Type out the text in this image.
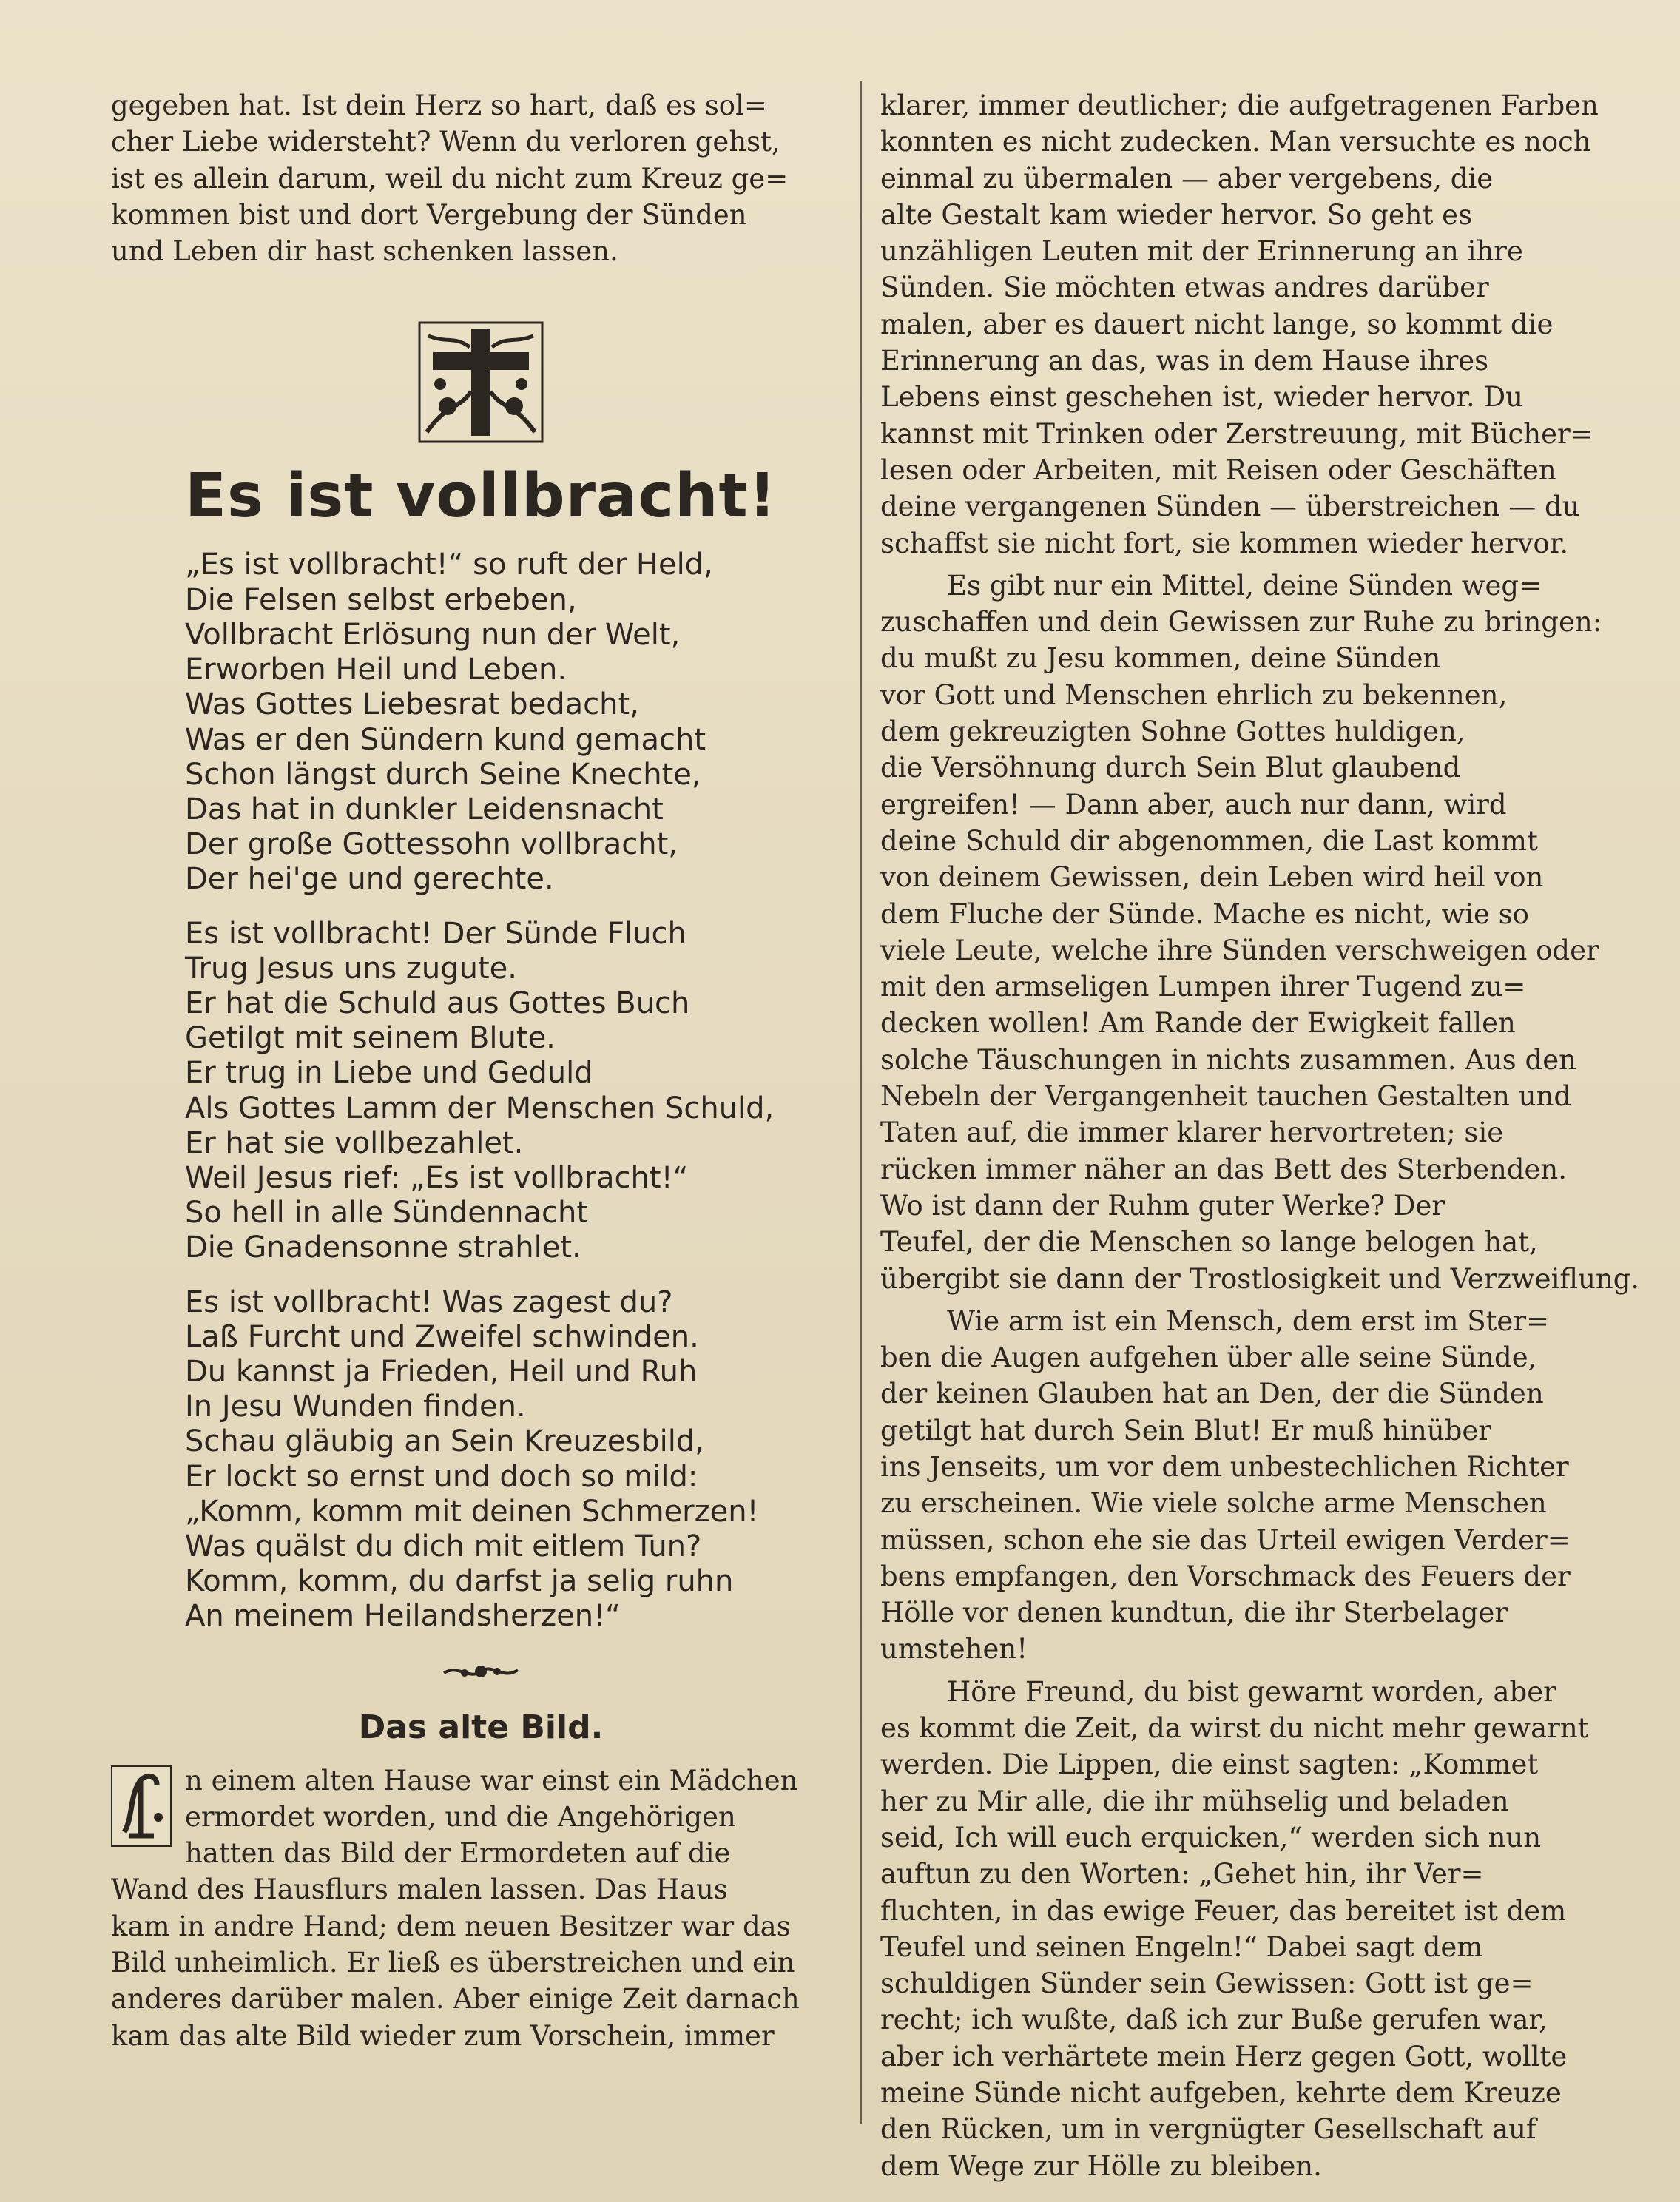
gegeben hat. Ist dein Herz so hart, daß es sol=
cher Liebe widersteht? Wenn du verloren gehst,
ist es allein darum, weil du nicht zum Kreuz ge=
kommen bist und dort Vergebung der Sünden
und Leben dir hast schenken lassen.
Es ist vollbracht!
„Es ist vollbracht!“ so ruft der Held,
Die Felsen selbst erbeben,
Vollbracht Erlösung nun der Welt,
Erworben Heil und Leben.
Was Gottes Liebesrat bedacht,
Was er den Sündern kund gemacht
Schon längst durch Seine Knechte,
Das hat in dunkler Leidensnacht
Der große Gottessohn vollbracht,
Der hei'ge und gerechte.
Es ist vollbracht! Der Sünde Fluch
Trug Jesus uns zugute.
Er hat die Schuld aus Gottes Buch
Getilgt mit seinem Blute.
Er trug in Liebe und Geduld
Als Gottes Lamm der Menschen Schuld,
Er hat sie vollbezahlet.
Weil Jesus rief: „Es ist vollbracht!“
So hell in alle Sündennacht
Die Gnadensonne strahlet.
Es ist vollbracht! Was zagest du?
Laß Furcht und Zweifel schwinden.
Du kannst ja Frieden, Heil und Ruh
In Jesu Wunden finden.
Schau gläubig an Sein Kreuzesbild,
Er lockt so ernst und doch so mild:
„Komm, komm mit deinen Schmerzen!
Was quälst du dich mit eitlem Tun?
Komm, komm, du darfst ja selig ruhn
An meinem Heilandsherzen!“
Das alte Bild.
n einem alten Hause war einst ein Mädchen
ermordet worden, und die Angehörigen
hatten das Bild der Ermordeten auf die
Wand des Hausflurs malen lassen. Das Haus
kam in andre Hand; dem neuen Besitzer war das
Bild unheimlich. Er ließ es überstreichen und ein
anderes darüber malen. Aber einige Zeit darnach
kam das alte Bild wieder zum Vorschein, immer
klarer, immer deutlicher; die aufgetragenen Farben
konnten es nicht zudecken. Man versuchte es noch
einmal zu übermalen — aber vergebens, die
alte Gestalt kam wieder hervor. So geht es
unzähligen Leuten mit der Erinnerung an ihre
Sünden. Sie möchten etwas andres darüber
malen, aber es dauert nicht lange, so kommt die
Erinnerung an das, was in dem Hause ihres
Lebens einst geschehen ist, wieder hervor. Du
kannst mit Trinken oder Zerstreuung, mit Bücher=
lesen oder Arbeiten, mit Reisen oder Geschäften
deine vergangenen Sünden — überstreichen — du
schaffst sie nicht fort, sie kommen wieder hervor.
Es gibt nur ein Mittel, deine Sünden weg=
zuschaffen und dein Gewissen zur Ruhe zu bringen:
du mußt zu Jesu kommen, deine Sünden
vor Gott und Menschen ehrlich zu bekennen,
dem gekreuzigten Sohne Gottes huldigen,
die Versöhnung durch Sein Blut glaubend
ergreifen! — Dann aber, auch nur dann, wird
deine Schuld dir abgenommen, die Last kommt
von deinem Gewissen, dein Leben wird heil von
dem Fluche der Sünde. Mache es nicht, wie so
viele Leute, welche ihre Sünden verschweigen oder
mit den armseligen Lumpen ihrer Tugend zu=
decken wollen! Am Rande der Ewigkeit fallen
solche Täuschungen in nichts zusammen. Aus den
Nebeln der Vergangenheit tauchen Gestalten und
Taten auf, die immer klarer hervortreten; sie
rücken immer näher an das Bett des Sterbenden.
Wo ist dann der Ruhm guter Werke? Der
Teufel, der die Menschen so lange belogen hat,
übergibt sie dann der Trostlosigkeit und Verzweiflung.
Wie arm ist ein Mensch, dem erst im Ster=
ben die Augen aufgehen über alle seine Sünde,
der keinen Glauben hat an Den, der die Sünden
getilgt hat durch Sein Blut! Er muß hinüber
ins Jenseits, um vor dem unbestechlichen Richter
zu erscheinen. Wie viele solche arme Menschen
müssen, schon ehe sie das Urteil ewigen Verder=
bens empfangen, den Vorschmack des Feuers der
Hölle vor denen kundtun, die ihr Sterbelager
umstehen!
Höre Freund, du bist gewarnt worden, aber
es kommt die Zeit, da wirst du nicht mehr gewarnt
werden. Die Lippen, die einst sagten: „Kommet
her zu Mir alle, die ihr mühselig und beladen
seid, Ich will euch erquicken,“ werden sich nun
auftun zu den Worten: „Gehet hin, ihr Ver=
fluchten, in das ewige Feuer, das bereitet ist dem
Teufel und seinen Engeln!“ Dabei sagt dem
schuldigen Sünder sein Gewissen: Gott ist ge=
recht; ich wußte, daß ich zur Buße gerufen war,
aber ich verhärtete mein Herz gegen Gott, wollte
meine Sünde nicht aufgeben, kehrte dem Kreuze
den Rücken, um in vergnügter Gesellschaft auf
dem Wege zur Hölle zu bleiben.
